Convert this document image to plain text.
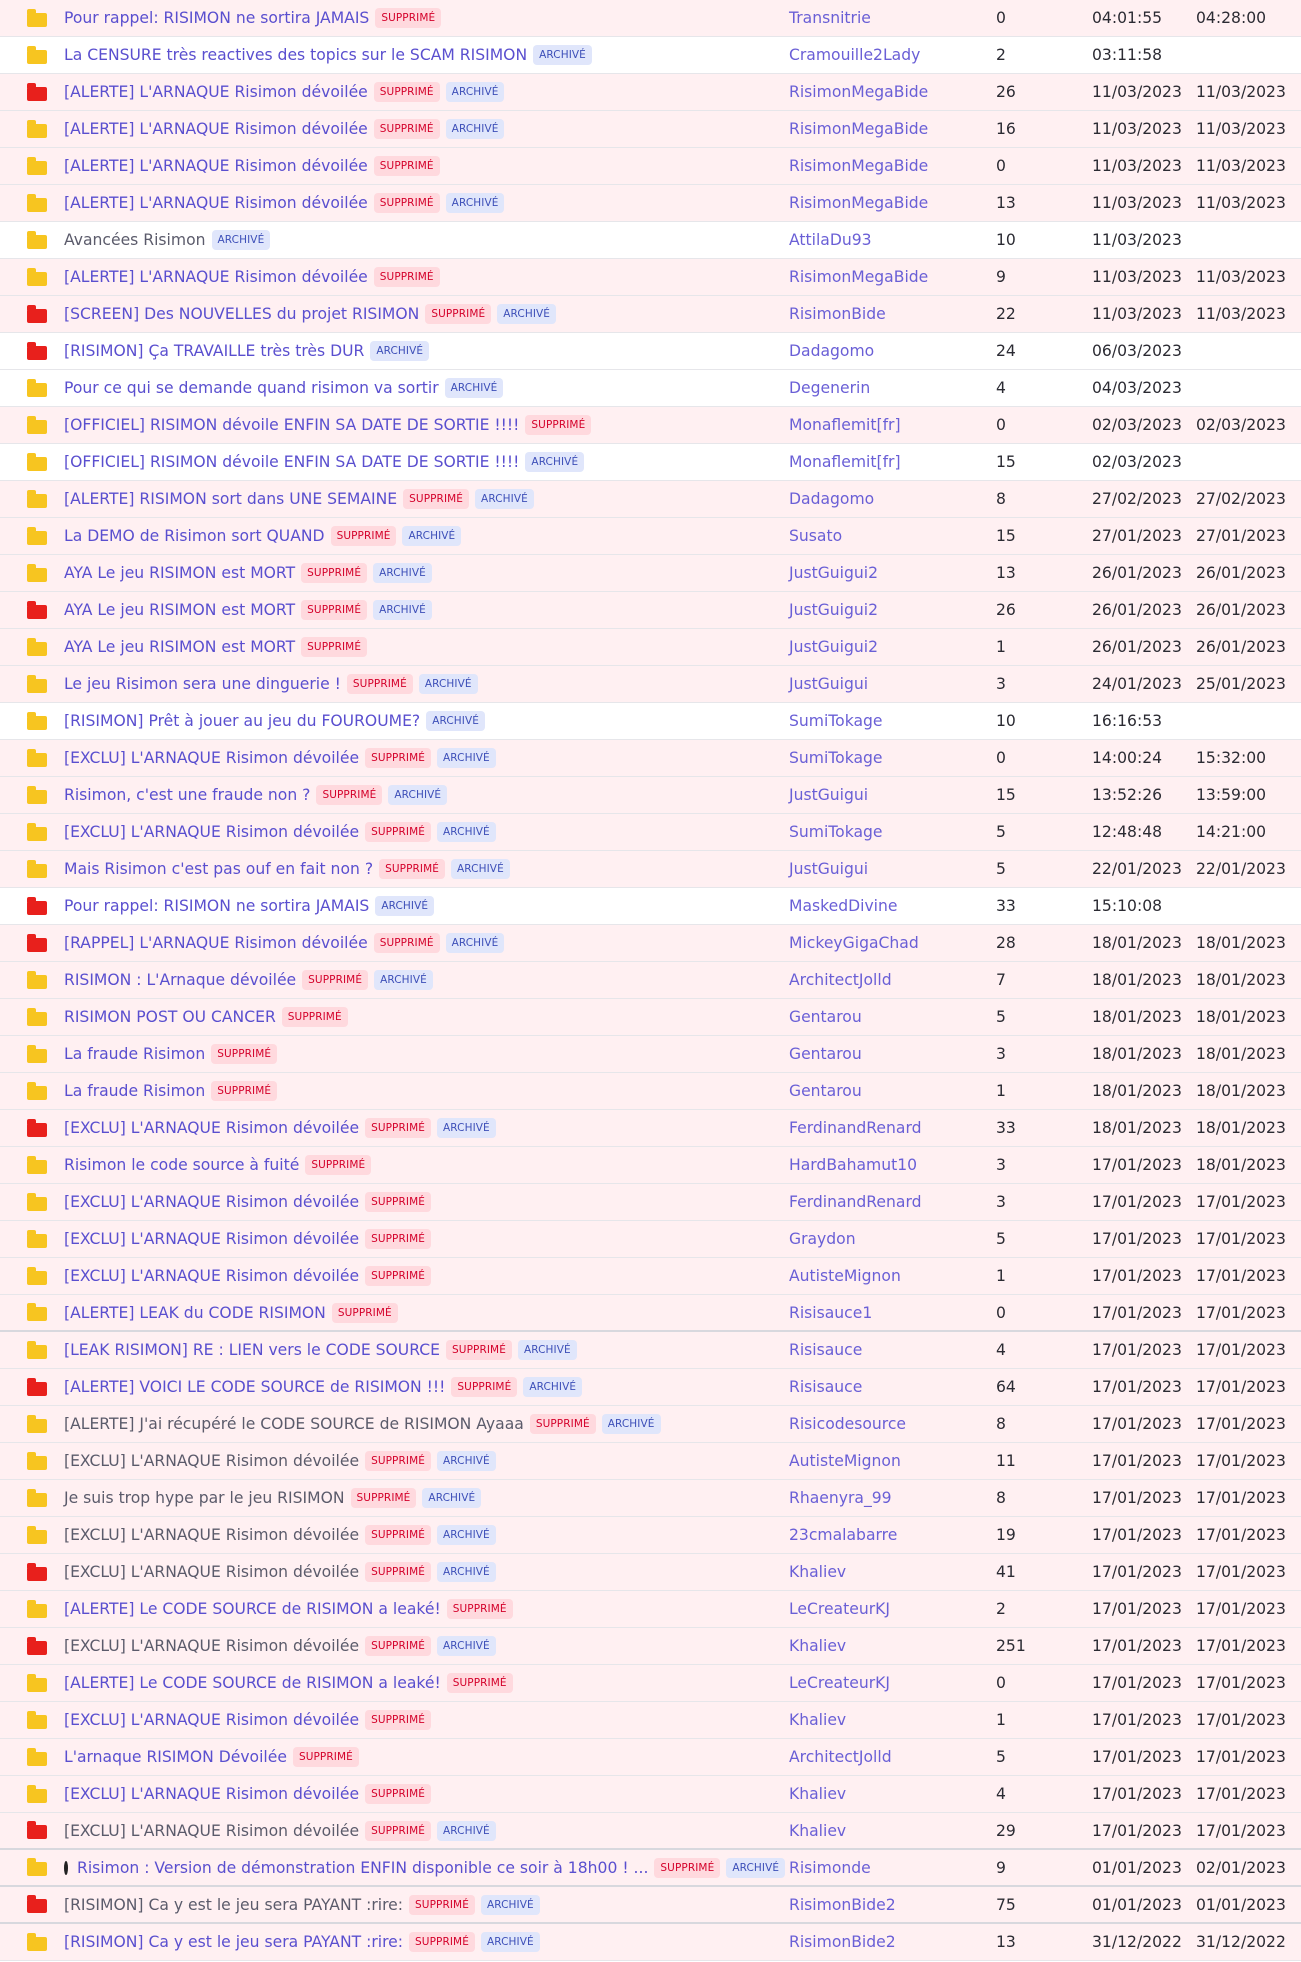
Pour rappel: RISIMON ne sortira JAMAIS	SUPPRIMÉ	Transnitrie	0	04:01:55 04:28:00
La CENSURE très reactives des topics sur le SCAM RISIMON	ARCHIVÉ	Cramouille2Lady	2	03:11:58
[ALERTE] L'ARNAQUE Risimon dévoilée	SUPPRIMÉ	ARCHIVÉ	RisimonMegaBide	26	11/03/2023 11/03/2023
[ALERTE] L'ARNAQUE Risimon dévoilée	SUPPRIMÉ	ARCHIVÉ	RisimonMegaBide	16	11/03/2023 11/03/2023
[ALERTE] L'ARNAQUE Risimon dévoilée	SUPPRIMÉ	RisimonMegaBide	0	11/03/2023 11/03/2023
[ALERTE] L'ARNAQUE Risimon dévoilée	SUPPRIMÉ	ARCHIVÉ	RisimonMegaBide	13	11/03/2023 11/03/2023
Avancées Risimon	ARCHIVÉ	AttilaDu93	10	11/03/2023
[ALERTE] L'ARNAQUE Risimon dévoilée	SUPPRIMÉ	RisimonMegaBide	9	11/03/2023 11/03/2023
[SCREEN] Des NOUVELLES du projet RISIMON	SUPPRIMÉ	ARCHIVÉ	RisimonBide	22	11/03/2023 11/03/2023
[RISIMON] Ça TRAVAILLE très très DUR	ARCHIVÉ	Dadagomo	24	06/03/2023
Pour ce qui se demande quand risimon va sortir	ARCHIVÉ	Degenerin	4	04/03/2023
[OFFICIEL] RISIMON dévoile ENFIN SA DATE DE SORTIE !!!!	SUPPRIMÉ	Monaflemit[fr]	0	02/03/2023 02/03/2023
[OFFICIEL] RISIMON dévoile ENFIN SA DATE DE SORTIE !!!!	ARCHIVÉ	Monaflemit[fr]	15	02/03/2023
[ALERTE] RISIMON sort dans UNE SEMAINE	SUPPRIMÉ	ARCHIVÉ	Dadagomo	8	27/02/2023 27/02/2023
La DEMO de Risimon sort QUAND	SUPPRIMÉ	ARCHIVÉ	Susato	15	27/01/2023 27/01/2023
AYA Le jeu RISIMON est MORT	SUPPRIMÉ	ARCHIVÉ	JustGuigui2	13	26/01/2023 26/01/2023
AYA Le jeu RISIMON est MORT	SUPPRIMÉ	ARCHIVÉ	JustGuigui2	26	26/01/2023 26/01/2023
AYA Le jeu RISIMON est MORT	SUPPRIMÉ	JustGuigui2	1	26/01/2023 26/01/2023
Le jeu Risimon sera une dinguerie !	SUPPRIMÉ	ARCHIVÉ	JustGuigui	3	24/01/2023 25/01/2023
[RISIMON] Prêt à jouer au jeu du FOUROUME?	ARCHIVÉ	SumiTokage	10	16:16:53
[EXCLU] L'ARNAQUE Risimon dévoilée	SUPPRIMÉ	ARCHIVÉ	SumiTokage	0	14:00:24 15:32:00
Risimon, c'est une fraude non ?	SUPPRIMÉ	ARCHIVÉ	JustGuigui	15	13:52:26 13:59:00
[EXCLU] L'ARNAQUE Risimon dévoilée	SUPPRIMÉ	ARCHIVÉ	SumiTokage	5	12:48:48 14:21:00
Mais Risimon c'est pas ouf en fait non ?	SUPPRIMÉ	ARCHIVÉ	JustGuigui	5	22/01/2023 22/01/2023
Pour rappel: RISIMON ne sortira JAMAIS	ARCHIVÉ	MaskedDivine	33	15:10:08
[RAPPEL] L'ARNAQUE Risimon dévoilée	SUPPRIMÉ	ARCHIVÉ	MickeyGigaChad	28	18/01/2023 18/01/2023
RISIMON : L'Arnaque dévoilée	SUPPRIMÉ	ARCHIVÉ	ArchitectJolld	7	18/01/2023 18/01/2023
RISIMON POST OU CANCER	SUPPRIMÉ	Gentarou	5	18/01/2023 18/01/2023
La fraude Risimon	SUPPRIMÉ	Gentarou	3	18/01/2023 18/01/2023
La fraude Risimon	SUPPRIMÉ	Gentarou	1	18/01/2023 18/01/2023
[EXCLU] L'ARNAQUE Risimon dévoilée	SUPPRIMÉ	ARCHIVÉ	FerdinandRenard	33	18/01/2023 18/01/2023
Risimon le code source à fuité	SUPPRIMÉ	HardBahamut10	3	17/01/2023 18/01/2023
[EXCLU] L'ARNAQUE Risimon dévoilée	SUPPRIMÉ	FerdinandRenard	3	17/01/2023 17/01/2023
[EXCLU] L'ARNAQUE Risimon dévoilée	SUPPRIMÉ	Graydon	5	17/01/2023 17/01/2023
[EXCLU] L'ARNAQUE Risimon dévoilée	SUPPRIMÉ	AutisteMignon	1	17/01/2023 17/01/2023
[ALERTE] LEAK du CODE RISIMON	SUPPRIMÉ	Risisauce1	0	17/01/2023 17/01/2023
[LEAK RISIMON] RE : LIEN vers le CODE SOURCE	SUPPRIMÉ	ARCHIVÉ	Risisauce	4	17/01/2023 17/01/2023
[ALERTE] VOICI LE CODE SOURCE de RISIMON !!!	SUPPRIMÉ	ARCHIVÉ	Risisauce	64	17/01/2023 17/01/2023
[ALERTE] J'ai récupéré le CODE SOURCE de RISIMON Ayaaa	SUPPRIMÉ	ARCHIVÉ	Risicodesource	8	17/01/2023 17/01/2023
[EXCLU] L'ARNAQUE Risimon dévoilée	SUPPRIMÉ	ARCHIVÉ	AutisteMignon	11	17/01/2023 17/01/2023
Je suis trop hype par le jeu RISIMON	SUPPRIMÉ	ARCHIVÉ	Rhaenyra_99	8	17/01/2023 17/01/2023
[EXCLU] L'ARNAQUE Risimon dévoilée	SUPPRIMÉ	ARCHIVÉ	23cmalabarre	19	17/01/2023 17/01/2023
[EXCLU] L'ARNAQUE Risimon dévoilée	SUPPRIMÉ	ARCHIVÉ	Khaliev	41	17/01/2023 17/01/2023
[ALERTE] Le CODE SOURCE de RISIMON a leaké!	SUPPRIMÉ	LeCreateurKJ	2	17/01/2023 17/01/2023
[EXCLU] L'ARNAQUE Risimon dévoilée	SUPPRIMÉ	ARCHIVÉ	Khaliev	251	17/01/2023 17/01/2023
[ALERTE] Le CODE SOURCE de RISIMON a leaké!	SUPPRIMÉ	LeCreateurKJ	0	17/01/2023 17/01/2023
[EXCLU] L'ARNAQUE Risimon dévoilée	SUPPRIMÉ	Khaliev	1	17/01/2023 17/01/2023
L'arnaque RISIMON Dévoilée	SUPPRIMÉ	ArchitectJolld	5	17/01/2023 17/01/2023
[EXCLU] L'ARNAQUE Risimon dévoilée	SUPPRIMÉ	Khaliev	4	17/01/2023 17/01/2023
[EXCLU] L'ARNAQUE Risimon dévoilée	SUPPRIMÉ	ARCHIVÉ	Khaliev	29	17/01/2023 17/01/2023
Risimon : Version de démonstration ENFIN disponible ce soir à 18h00 ! ...	SUPPRIMÉ	ARCHIVÉ Risimonde	9	01/01/2023 02/01/2023
[RISIMON] Ca y est le jeu sera PAYANT :rire:	SUPPRIMÉ	ARCHIVÉ	RisimonBide2	75	01/01/2023 01/01/2023
[RISIMON] Ca y est le jeu sera PAYANT :rire:	SUPPRIMÉ	ARCHIVÉ	RisimonBide2	13	31/12/2022 31/12/2022
